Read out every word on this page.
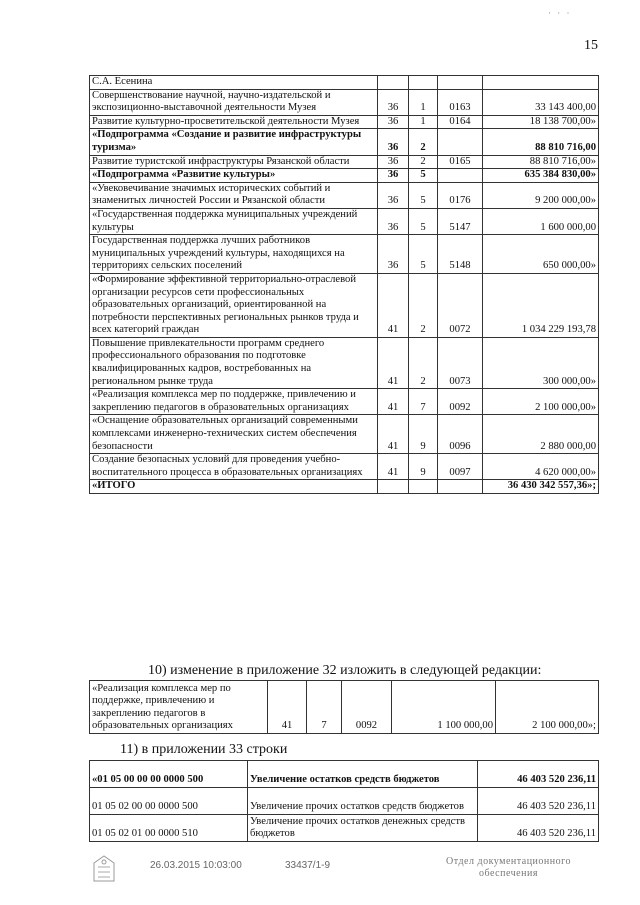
· · ·
15
С.А. Есенина				
Совершенствование научной, научно-издательской и экспозиционно-выставочной деятельности Музея	36	1	0163	33 143 400,00
Развитие культурно-просветительской деятельности Музея	36	1	0164	18 138 700,00»
«Подпрограмма «Создание и развитие инфраструктуры туризма»	36	2		88 810 716,00
Развитие туристской инфраструктуры Рязанской области	36	2	0165	88 810 716,00»
«Подпрограмма «Развитие культуры»	36	5		635 384 830,00»
«Увековечивание значимых исторических событий и знаменитых личностей России и Рязанской области	36	5	0176	9 200 000,00»
«Государственная поддержка муниципальных учреждений культуры	36	5	5147	1 600 000,00
Государственная поддержка лучших работников муниципальных учреждений культуры, находящихся на территориях сельских поселений	36	5	5148	650 000,00»
«Формирование эффективной территориально-отраслевой организации ресурсов сети профессиональных образовательных организаций, ориентированной на потребности перспективных региональных рынков труда и всех категорий граждан	41	2	0072	1 034 229 193,78
Повышение привлекательности программ среднего профессионального образования по подготовке квалифицированных кадров, востребованных на региональном рынке труда	41	2	0073	300 000,00»
«Реализация комплекса мер по поддержке, привлечению и закреплению педагогов в образовательных организациях	41	7	0092	2 100 000,00»
«Оснащение образовательных организаций современными комплексами инженерно-технических систем обеспечения безопасности	41	9	0096	2 880 000,00
Создание безопасных условий для проведения учебно-воспитательного процесса в образовательных организациях	41	9	0097	4 620 000,00»
«ИТОГО				36 430 342 557,36»;
10) изменение в приложение 32 изложить в следующей редакции:
«Реализация комплекса мер по поддержке, привлечению и закреплению педагогов в образовательных организациях	41	7	0092	1 100 000,00	2 100 000,00»;
11) в приложении 33 строки
«01 05 00 00 00 0000 500	Увеличение остатков средств бюджетов	46 403 520 236,11
01 05 02 00 00 0000 500	Увеличение прочих остатков средств бюджетов	46 403 520 236,11
01 05 02 01 00 0000 510	Увеличение прочих остатков денежных средств бюджетов	46 403 520 236,11
26.03.2015 10:03:00	33437/1-9	Отдел документационного
обеспечения
